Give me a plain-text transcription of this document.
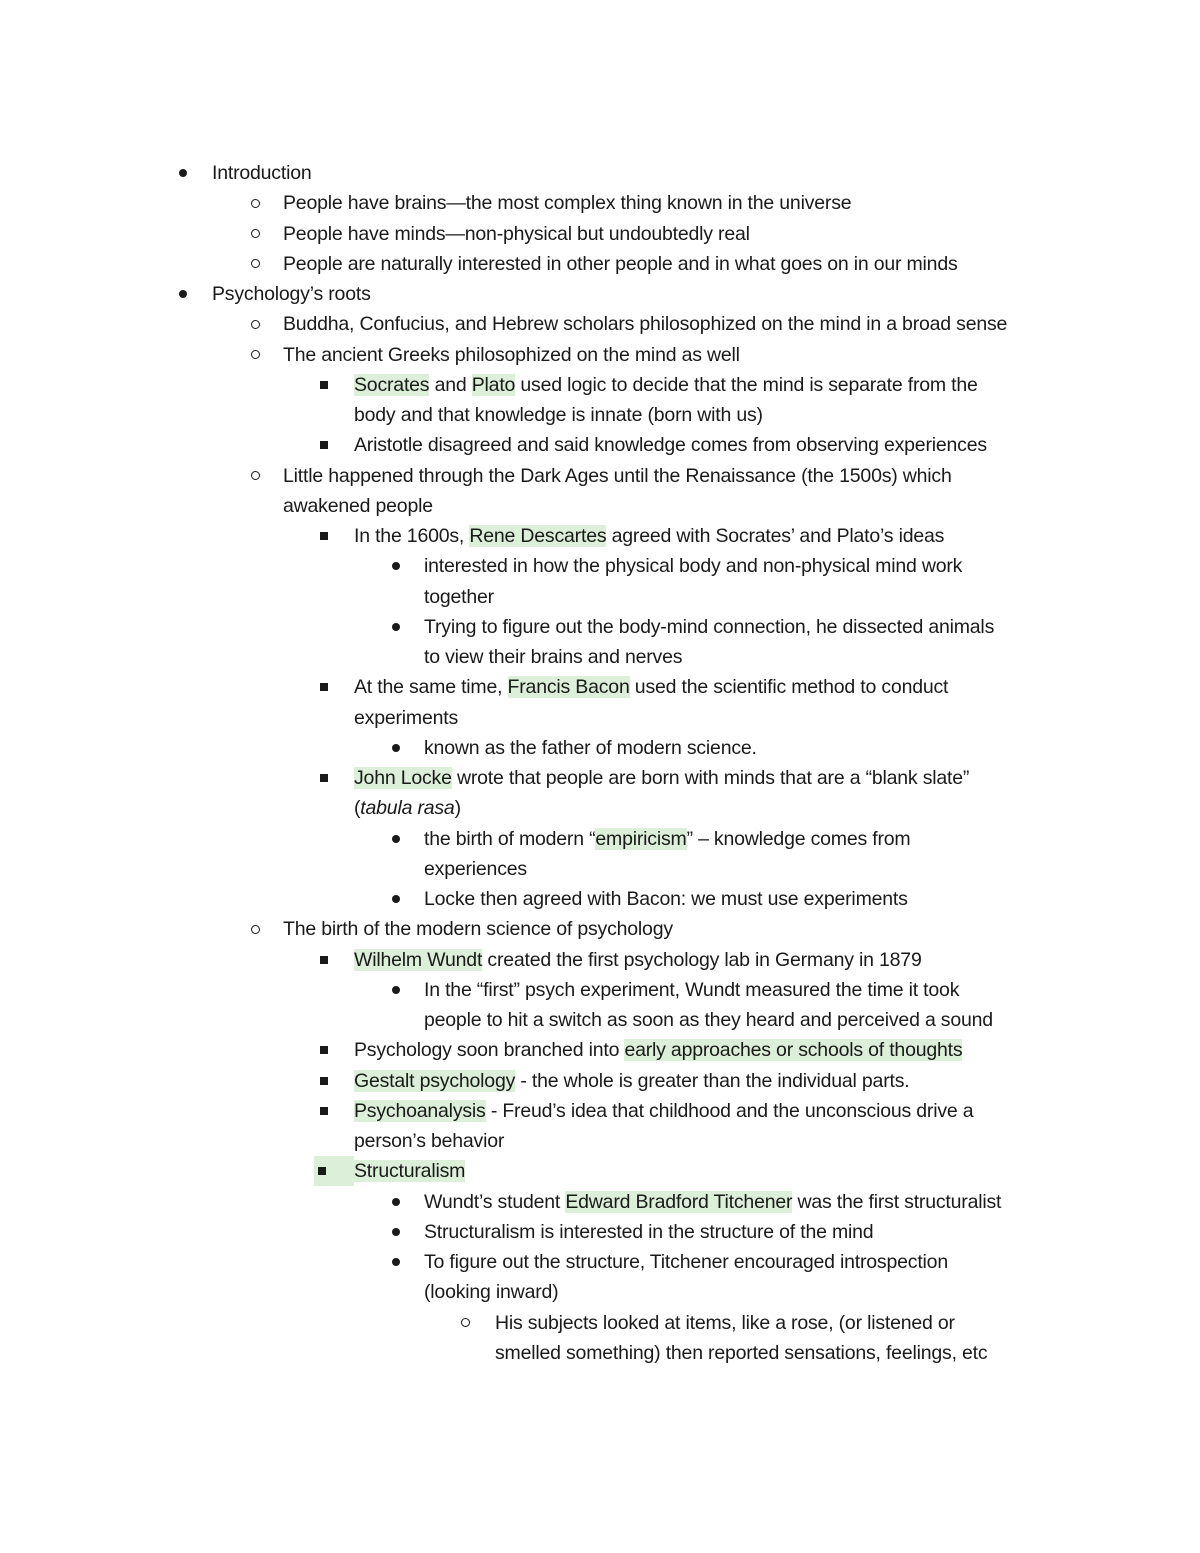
Introduction
People have brains—the most complex thing known in the universe
People have minds—non-physical but undoubtedly real
People are naturally interested in other people and in what goes on in our minds
Psychology’s roots
Buddha, Confucius, and Hebrew scholars philosophized on the mind in a broad sense
The ancient Greeks philosophized on the mind as well
Socrates and Plato used logic to decide that the mind is separate from the
body and that knowledge is innate (born with us)
Aristotle disagreed and said knowledge comes from observing experiences
Little happened through the Dark Ages until the Renaissance (the 1500s) which
awakened people
In the 1600s, Rene Descartes agreed with Socrates’ and Plato’s ideas
interested in how the physical body and non-physical mind work
together
Trying to figure out the body-mind connection, he dissected animals
to view their brains and nerves
At the same time, Francis Bacon used the scientific method to conduct
experiments
known as the father of modern science.
John Locke wrote that people are born with minds that are a “blank slate”
(tabula rasa)
the birth of modern “empiricism” – knowledge comes from
experiences
Locke then agreed with Bacon: we must use experiments
The birth of the modern science of psychology
Wilhelm Wundt created the first psychology lab in Germany in 1879
In the “first” psych experiment, Wundt measured the time it took
people to hit a switch as soon as they heard and perceived a sound
Psychology soon branched into early approaches or schools of thoughts
Gestalt psychology - the whole is greater than the individual parts.
Psychoanalysis - Freud’s idea that childhood and the unconscious drive a
person’s behavior
Structuralism
Wundt’s student Edward Bradford Titchener was the first structuralist
Structuralism is interested in the structure of the mind
To figure out the structure, Titchener encouraged introspection
(looking inward)
His subjects looked at items, like a rose, (or listened or
smelled something) then reported sensations, feelings, etc
